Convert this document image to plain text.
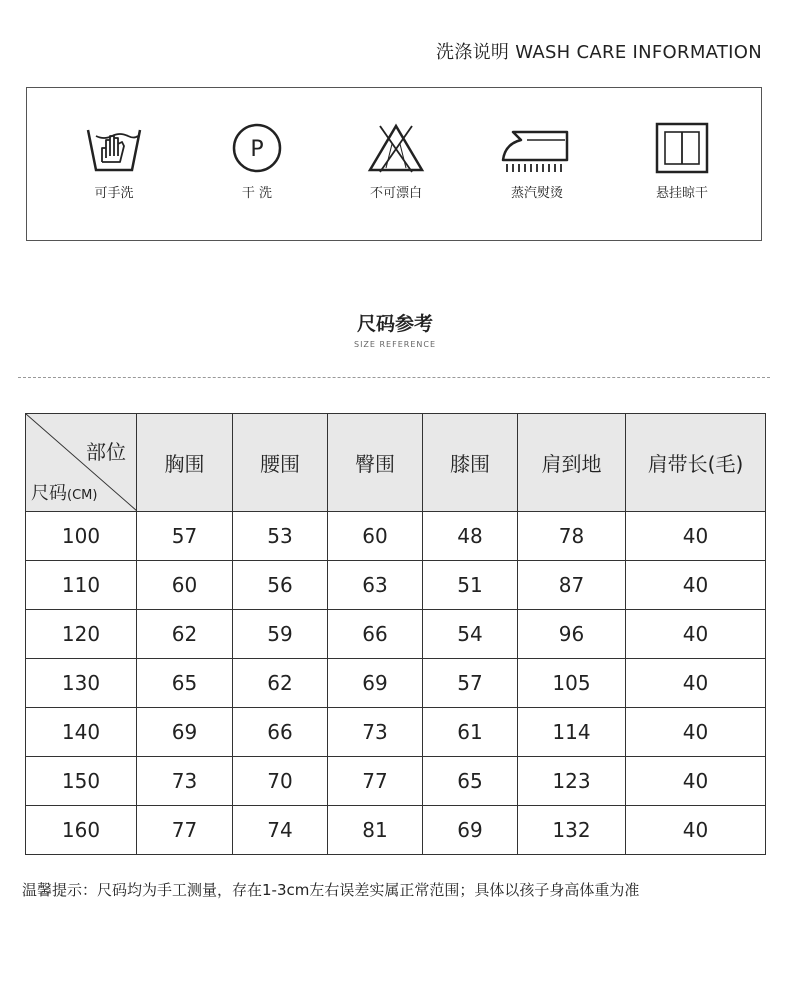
洗涤说明 WASH CARE INFORMATION
可手洗
P
干 洗	不可漂白	蒸汽熨烫	悬挂晾干
尺码参考
SIZE REFERENCE
部位
尺码(CM)	胸围	腰围	臀围	膝围	肩到地	肩带长(毛)
100	57	53	60	48	78	40
110	60	56	63	51	87	40
120	62	59	66	54	96	40
130	65	62	69	57	105	40
140	69	66	73	61	114	40
150	73	70	77	65	123	40
160	77	74	81	69	132	40
温馨提示：尺码均为手工测量，存在1-3cm左右误差实属正常范围；具体以孩子身高体重为准
